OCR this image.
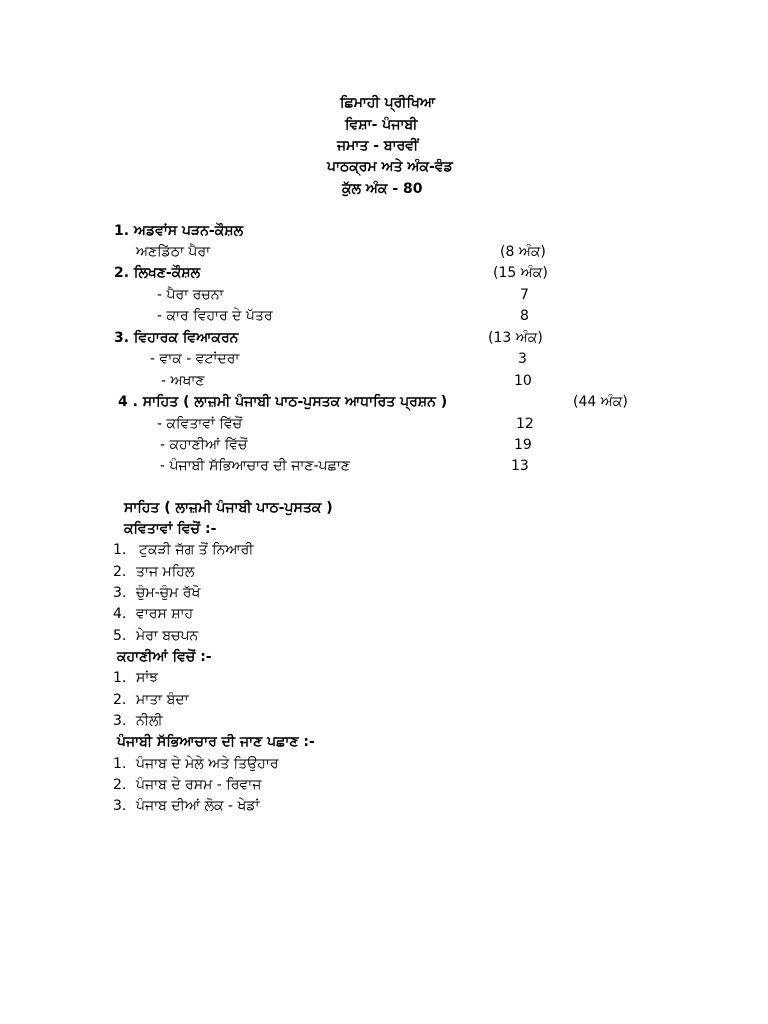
ਛਿਮਾਹੀ ਪ੍ਰੀਖਿਆ
ਵਿਸ਼ਾ- ਪੰਜਾਬੀ
ਜਮਾਤ - ਬਾਰਵੀਂ
ਪਾਠਕ੍ਰਮ ਅਤੇ ਅੰਕ-ਵੰਡ
ਕੁੱਲ ਅੰਕ - 80
1. ਅਡਵਾਂਸ ਪੜਨ-ਕੌਸ਼ਲ
ਅਣਡਿੱਠਾ ਪੈਰਾ	(8 ਅੰਕ)
2. ਲਿਖਣ-ਕੌਸ਼ਲ	(15 ਅੰਕ)
- ਪੈਰਾ ਰਚਨਾ	7
- ਕਾਰ ਵਿਹਾਰ ਦੇ ਪੱਤਰ	8
3. ਵਿਹਾਰਕ ਵਿਆਕਰਨ	(13 ਅੰਕ)
- ਵਾਕ - ਵਟਾਂਦਰਾ	3
- ਅਖਾਣ	10
4 . ਸਾਹਿਤ ( ਲਾਜ਼ਮੀ ਪੰਜਾਬੀ ਪਾਠ-ਪੁਸਤਕ ਆਧਾਰਿਤ ਪ੍ਰਸ਼ਨ )	(44 ਅੰਕ)
- ਕਵਿਤਾਵਾਂ ਵਿੱਚੋਂ	12
- ਕਹਾਣੀਆਂ ਵਿੱਚੋਂ	19
- ਪੰਜਾਬੀ ਸੱਭਿਆਚਾਰ ਦੀ ਜਾਣ-ਪਛਾਣ	13
ਸਾਹਿਤ ( ਲਾਜ਼ਮੀ ਪੰਜਾਬੀ ਪਾਠ-ਪੁਸਤਕ )
ਕਵਿਤਾਵਾਂ ਵਿਚੋਂ :-
1. ਟੁਕੜੀ ਜੱਗ ਤੋਂ ਨਿਆਰੀ
2. ਤਾਜ ਮਹਿਲ
3. ਚੁੰਮ-ਚੁੰਮ ਰੱਖੋ
4. ਵਾਰਸ ਸ਼ਾਹ
5. ਮੇਰਾ ਬਚਪਨ
ਕਹਾਣੀਆਂ ਵਿਚੋਂ :-
1. ਸਾਂਝ
2. ਮਾਤਾ ਬੰਦਾ
3. ਨੀਲੀ
ਪੰਜਾਬੀ ਸੱਭਿਆਚਾਰ ਦੀ ਜਾਣ ਪਛਾਣ :-
1. ਪੰਜਾਬ ਦੇ ਮੇਲੇ ਅਤੇ ਤਿਉਹਾਰ
2. ਪੰਜਾਬ ਦੇ ਰਸਮ - ਰਿਵਾਜ
3. ਪੰਜਾਬ ਦੀਆਂ ਲੋਕ - ਖੇਡਾਂ
